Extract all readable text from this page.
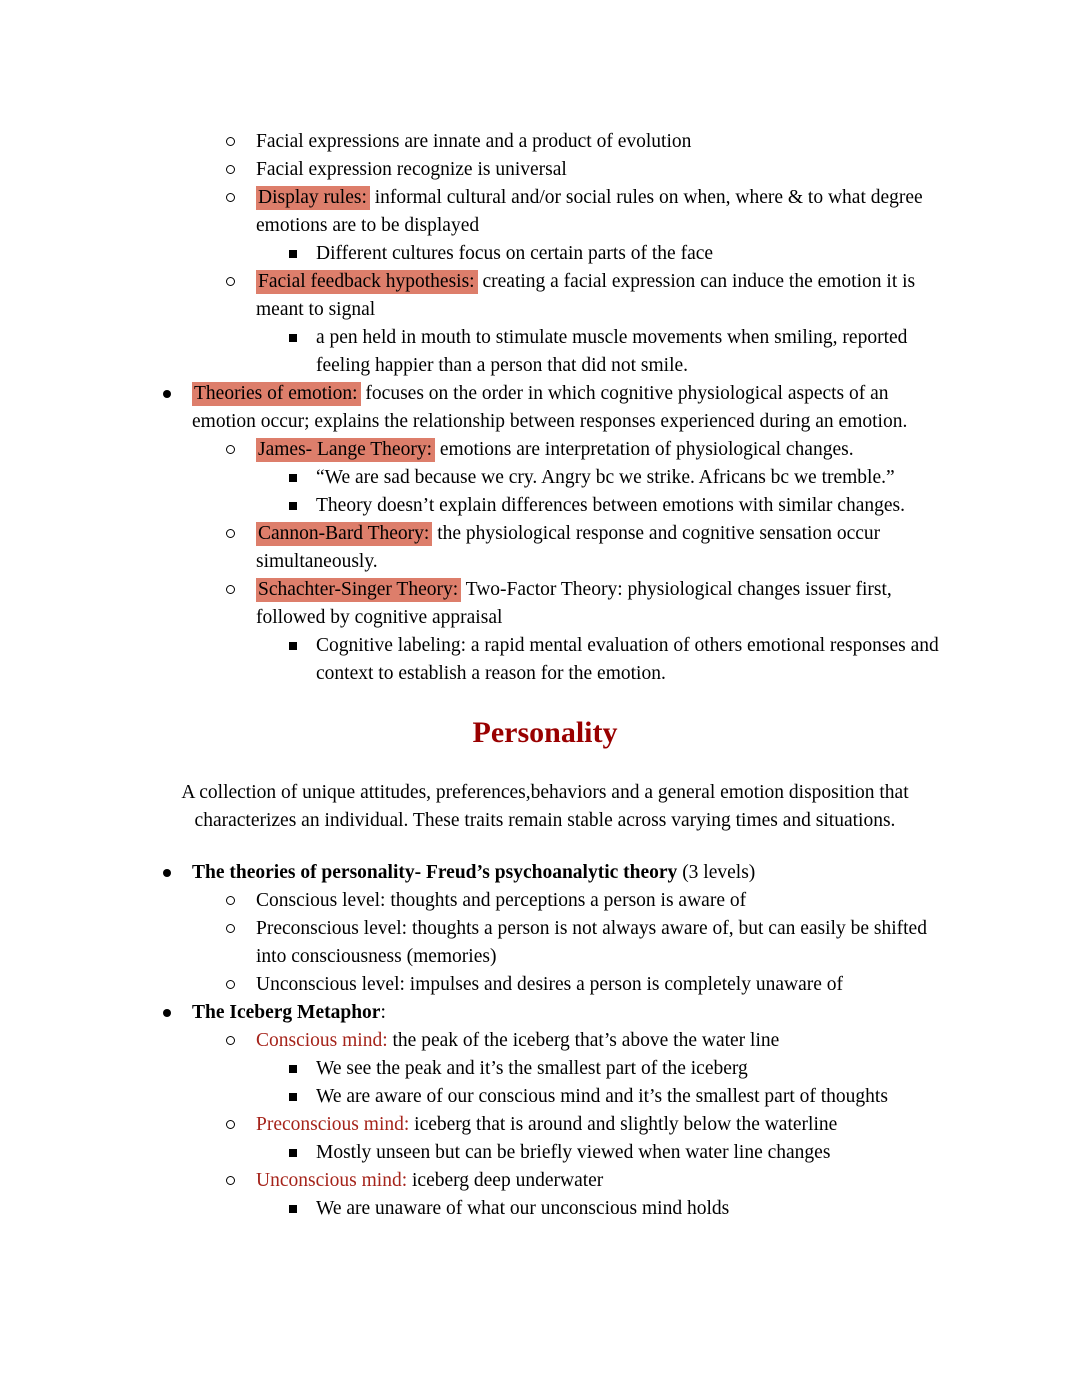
Facial expressions are innate and a product of evolution
Facial expression recognize is universal
Display rules: informal cultural and/or social rules on when, where & to what degree emotions are to be displayed
Different cultures focus on certain parts of the face
Facial feedback hypothesis: creating a facial expression can induce the emotion it is meant to signal
a pen held in mouth to stimulate muscle movements when smiling, reported feeling happier than a person that did not smile.
Theories of emotion: focuses on the order in which cognitive physiological aspects of an emotion occur; explains the relationship between responses experienced during an emotion.
James- Lange Theory: emotions are interpretation of physiological changes.
“We are sad because we cry. Angry bc we strike. Africans bc we tremble.”
Theory doesn’t explain differences between emotions with similar changes.
Cannon-Bard Theory: the physiological response and cognitive sensation occur simultaneously.
Schachter-Singer Theory: Two-Factor Theory: physiological changes issuer first, followed by cognitive appraisal
Cognitive labeling: a rapid mental evaluation of others emotional responses and context to establish a reason for the emotion.
Personality

A collection of unique attitudes, preferences,behaviors and a general emotion disposition that characterizes an individual. These traits remain stable across varying times and situations.

The theories of personality- Freud’s psychoanalytic theory (3 levels)
Conscious level: thoughts and perceptions a person is aware of
Preconscious level: thoughts a person is not always aware of, but can easily be shifted into consciousness (memories)
Unconscious level: impulses and desires a person is completely unaware of
The Iceberg Metaphor:
Conscious mind: the peak of the iceberg that’s above the water line
We see the peak and it’s the smallest part of the iceberg
We are aware of our conscious mind and it’s the smallest part of thoughts
Preconscious mind: iceberg that is around and slightly below the waterline
Mostly unseen but can be briefly viewed when water line changes
Unconscious mind: iceberg deep underwater
We are unaware of what our unconscious mind holds
